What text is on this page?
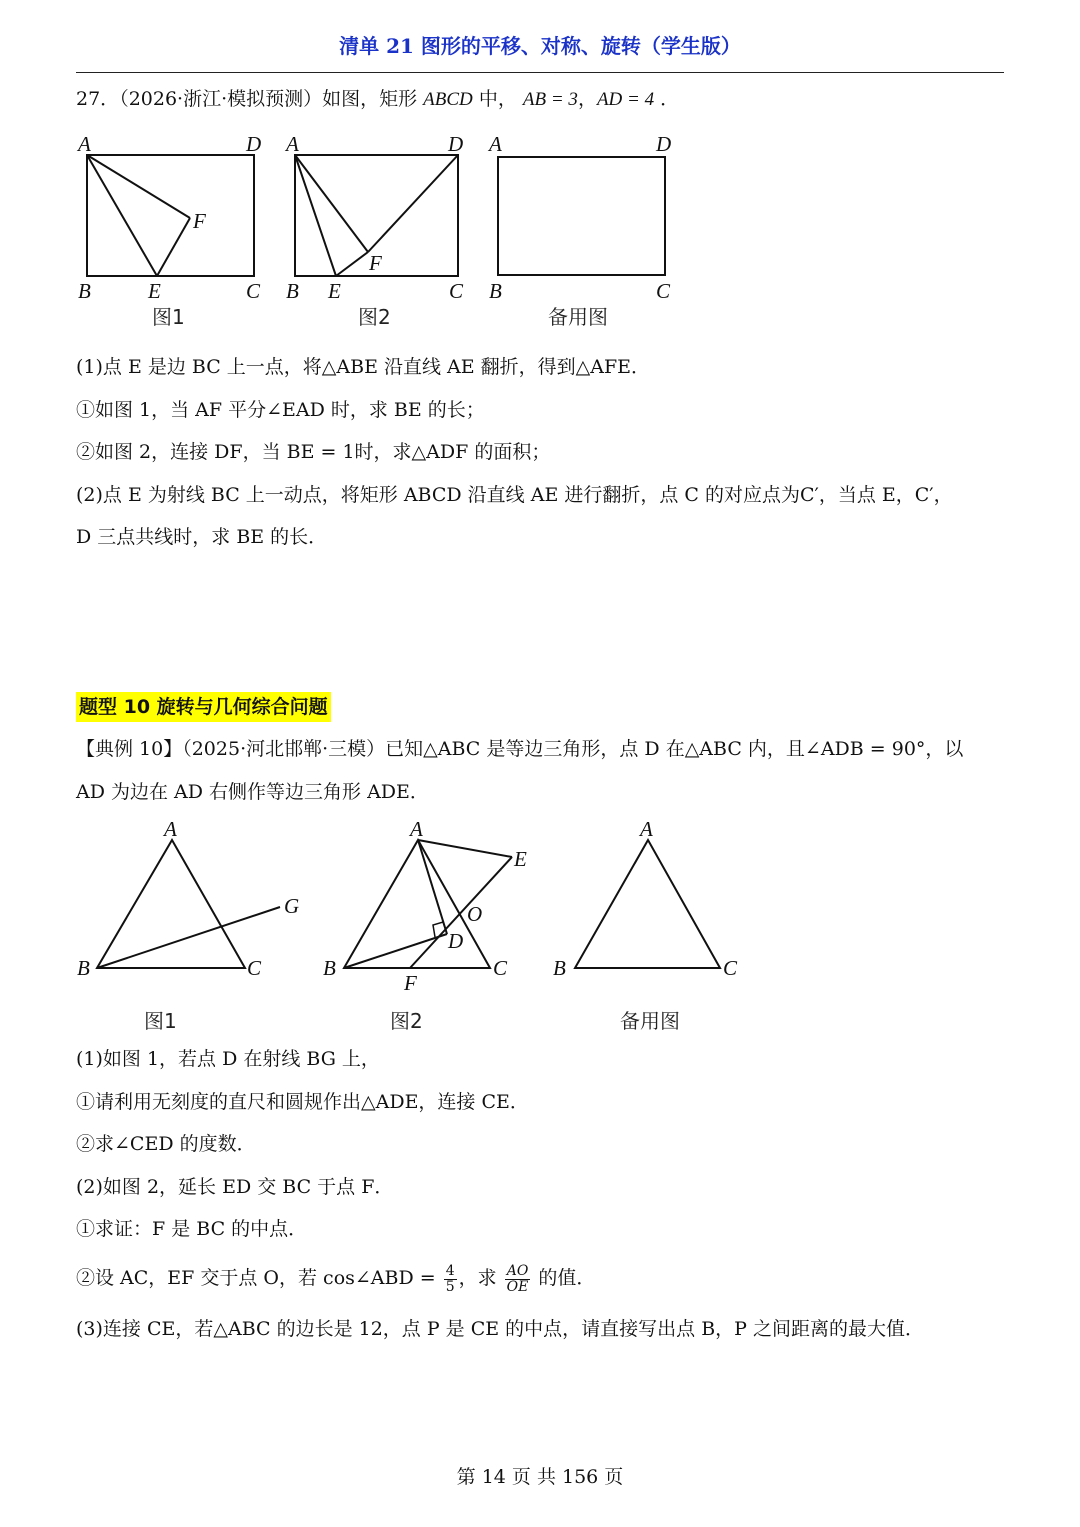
清单 21 图形的平移、对称、旋转（学生版）
27．（2026·浙江·模拟预测）如图，矩形 ABCD 中， AB = 3，AD = 4 ．
A	D
F
B	E	C
图1
A	D
F
B E	C
图2
A	D
B	C
备用图
A
G
B	C
图1
A
E
O
D
B	C
F
图2
A
B	C
备用图
(1)点 E 是边 BC 上一点，将△ABE 沿直线 AE 翻折，得到△AFE．
①如图 1，当 AF 平分∠EAD 时，求 BE 的长；
②如图 2，连接 DF，当 BE = 1时，求△ADF 的面积；
(2)点 E 为射线 BC 上一动点，将矩形 ABCD 沿直线 AE 进行翻折，点 C 的对应点为C′，当点 E，C′，
D 三点共线时，求 BE 的长．
题型 10 旋转与几何综合问题
【典例 10】（2025·河北邯郸·三模）已知△ABC 是等边三角形，点 D 在△ABC 内，且∠ADB = 90°，以
AD 为边在 AD 右侧作等边三角形 ADE．
(1)如图 1，若点 D 在射线 BG 上，
①请利用无刻度的直尺和圆规作出△ADE，连接 CE．
②求∠CED 的度数．
(2)如图 2，延长 ED 交 BC 于点 F．
①求证：F 是 BC 的中点．
②设 AC，EF 交于点 O，若 cos∠ABD = $\frac{4}{5}$ ，求 $\frac{AO}{OE}$ 的值．
(3)连接 CE，若△ABC 的边长是 12，点 P 是 CE 的中点，请直接写出点 B，P 之间距离的最大值．
第 14 页 共 156 页
